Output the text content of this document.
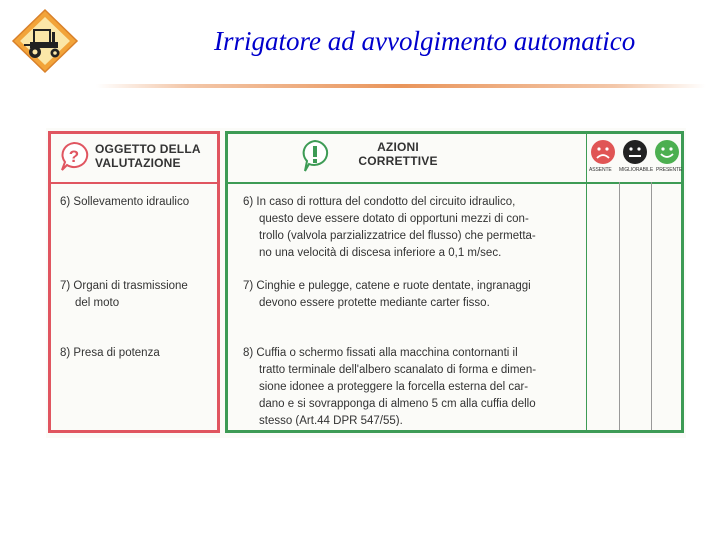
Irrigatore ad avvolgimento automatico
? OGGETTO DELLA
VALUTAZIONE
AZIONI
CORRETTIVE
ASSENTE MIGLIORABILE PRESENTE
6) Sollevamento idraulico
7) Organi di trasmissione
del moto
8) Presa di potenza
6) In caso di rottura del condotto del circuito idraulico,
questo deve essere dotato di opportuni mezzi di con-
trollo (valvola parzializzatrice del flusso) che permetta-
no una velocità di discesa inferiore a 0,1 m/sec.
7) Cinghie e pulegge, catene e ruote dentate, ingranaggi
devono essere protette mediante carter fisso.
8) Cuffia o schermo fissati alla macchina contornanti il
tratto terminale dell'albero scanalato di forma e dimen-
sione idonee a proteggere la forcella esterna del car-
dano e si sovrapponga di almeno 5 cm alla cuffia dello
stesso (Art.44 DPR 547/55).
